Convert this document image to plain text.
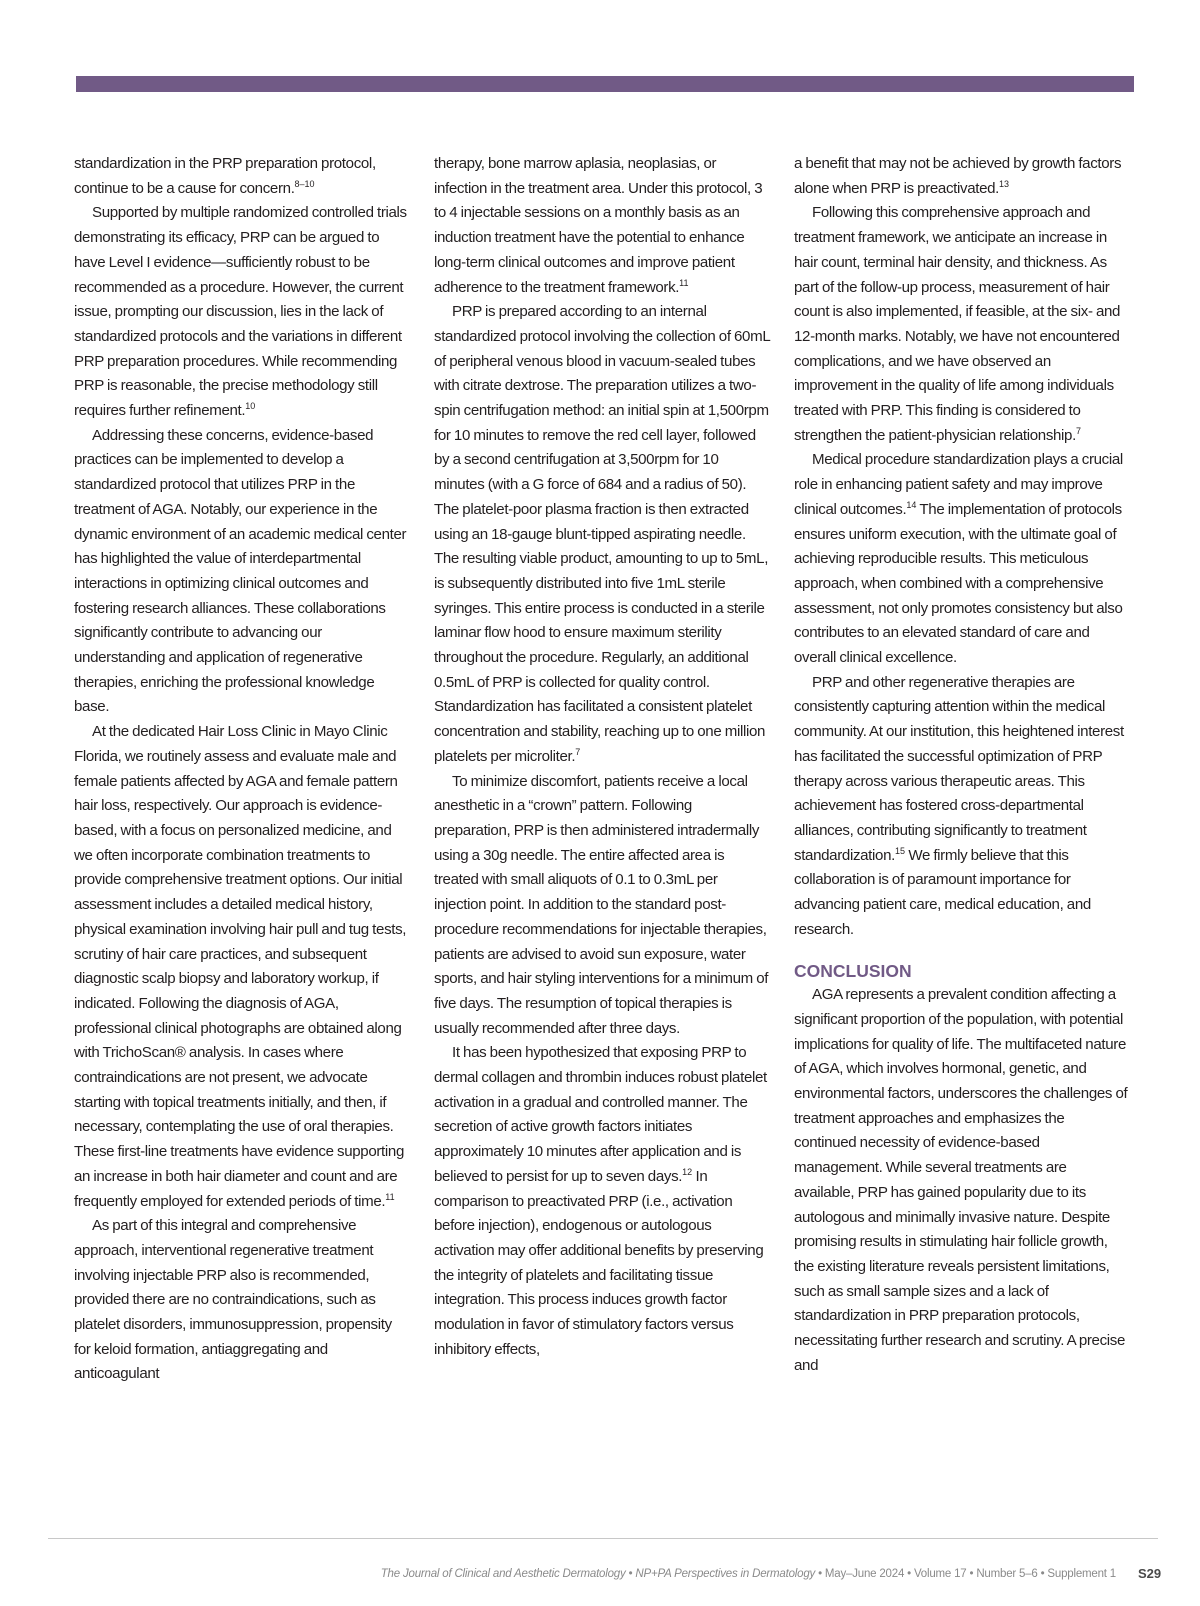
standardization in the PRP preparation protocol, continue to be a cause for concern.$^{8-10}$

Supported by multiple randomized controlled trials demonstrating its efficacy, PRP can be argued to have Level I evidence—sufficiently robust to be recommended as a procedure. However, the current issue, prompting our discussion, lies in the lack of standardized protocols and the variations in different PRP preparation procedures. While recommending PRP is reasonable, the precise methodology still requires further refinement.$^{10}$

Addressing these concerns, evidence-based practices can be implemented to develop a standardized protocol that utilizes PRP in the treatment of AGA. Notably, our experience in the dynamic environment of an academic medical center has highlighted the value of interdepartmental interactions in optimizing clinical outcomes and fostering research alliances. These collaborations significantly contribute to advancing our understanding and application of regenerative therapies, enriching the professional knowledge base.

At the dedicated Hair Loss Clinic in Mayo Clinic Florida, we routinely assess and evaluate male and female patients affected by AGA and female pattern hair loss, respectively. Our approach is evidence-based, with a focus on personalized medicine, and we often incorporate combination treatments to provide comprehensive treatment options. Our initial assessment includes a detailed medical history, physical examination involving hair pull and tug tests, scrutiny of hair care practices, and subsequent diagnostic scalp biopsy and laboratory workup, if indicated. Following the diagnosis of AGA, professional clinical photographs are obtained along with TrichoScan® analysis. In cases where contraindications are not present, we advocate starting with topical treatments initially, and then, if necessary, contemplating the use of oral therapies. These first-line treatments have evidence supporting an increase in both hair diameter and count and are frequently employed for extended periods of time.$^{11}$

As part of this integral and comprehensive approach, interventional regenerative treatment involving injectable PRP also is recommended, provided there are no contraindications, such as platelet disorders, immunosuppression, propensity for keloid formation, antiaggregating and anticoagulant

therapy, bone marrow aplasia, neoplasias, or infection in the treatment area. Under this protocol, 3 to 4 injectable sessions on a monthly basis as an induction treatment have the potential to enhance long-term clinical outcomes and improve patient adherence to the treatment framework.$^{11}$

PRP is prepared according to an internal standardized protocol involving the collection of 60mL of peripheral venous blood in vacuum-sealed tubes with citrate dextrose. The preparation utilizes a two-spin centrifugation method: an initial spin at 1,500rpm for 10 minutes to remove the red cell layer, followed by a second centrifugation at 3,500rpm for 10 minutes (with a G force of 684 and a radius of 50). The platelet-poor plasma fraction is then extracted using an 18-gauge blunt-tipped aspirating needle. The resulting viable product, amounting to up to 5mL, is subsequently distributed into five 1mL sterile syringes. This entire process is conducted in a sterile laminar flow hood to ensure maximum sterility throughout the procedure. Regularly, an additional 0.5mL of PRP is collected for quality control. Standardization has facilitated a consistent platelet concentration and stability, reaching up to one million platelets per microliter.$^7$

To minimize discomfort, patients receive a local anesthetic in a “crown” pattern. Following preparation, PRP is then administered intradermally using a 30g needle. The entire affected area is treated with small aliquots of 0.1 to 0.3mL per injection point. In addition to the standard post-procedure recommendations for injectable therapies, patients are advised to avoid sun exposure, water sports, and hair styling interventions for a minimum of five days. The resumption of topical therapies is usually recommended after three days.

It has been hypothesized that exposing PRP to dermal collagen and thrombin induces robust platelet activation in a gradual and controlled manner. The secretion of active growth factors initiates approximately 10 minutes after application and is believed to persist for up to seven days.$^{12}$ In comparison to preactivated PRP (i.e., activation before injection), endogenous or autologous activation may offer additional benefits by preserving the integrity of platelets and facilitating tissue integration. This process induces growth factor modulation in favor of stimulatory factors versus inhibitory effects,

a benefit that may not be achieved by growth factors alone when PRP is preactivated.$^{13}$

Following this comprehensive approach and treatment framework, we anticipate an increase in hair count, terminal hair density, and thickness. As part of the follow-up process, measurement of hair count is also implemented, if feasible, at the six- and 12-month marks. Notably, we have not encountered complications, and we have observed an improvement in the quality of life among individuals treated with PRP. This finding is considered to strengthen the patient-physician relationship.$^7$

Medical procedure standardization plays a crucial role in enhancing patient safety and may improve clinical outcomes.$^{14}$ The implementation of protocols ensures uniform execution, with the ultimate goal of achieving reproducible results. This meticulous approach, when combined with a comprehensive assessment, not only promotes consistency but also contributes to an elevated standard of care and overall clinical excellence.

PRP and other regenerative therapies are consistently capturing attention within the medical community. At our institution, this heightened interest has facilitated the successful optimization of PRP therapy across various therapeutic areas. This achievement has fostered cross-departmental alliances, contributing significantly to treatment standardization.$^{15}$ We firmly believe that this collaboration is of paramount importance for advancing patient care, medical education, and research.

CONCLUSION

AGA represents a prevalent condition affecting a significant proportion of the population, with potential implications for quality of life. The multifaceted nature of AGA, which involves hormonal, genetic, and environmental factors, underscores the challenges of treatment approaches and emphasizes the continued necessity of evidence-based management. While several treatments are available, PRP has gained popularity due to its autologous and minimally invasive nature. Despite promising results in stimulating hair follicle growth, the existing literature reveals persistent limitations, such as small sample sizes and a lack of standardization in PRP preparation protocols, necessitating further research and scrutiny. A precise and

The Journal of Clinical and Aesthetic Dermatology • NP+PA Perspectives in Dermatology • May–June 2024 • Volume 17 • Number 5–6 • Supplement 1 S29
